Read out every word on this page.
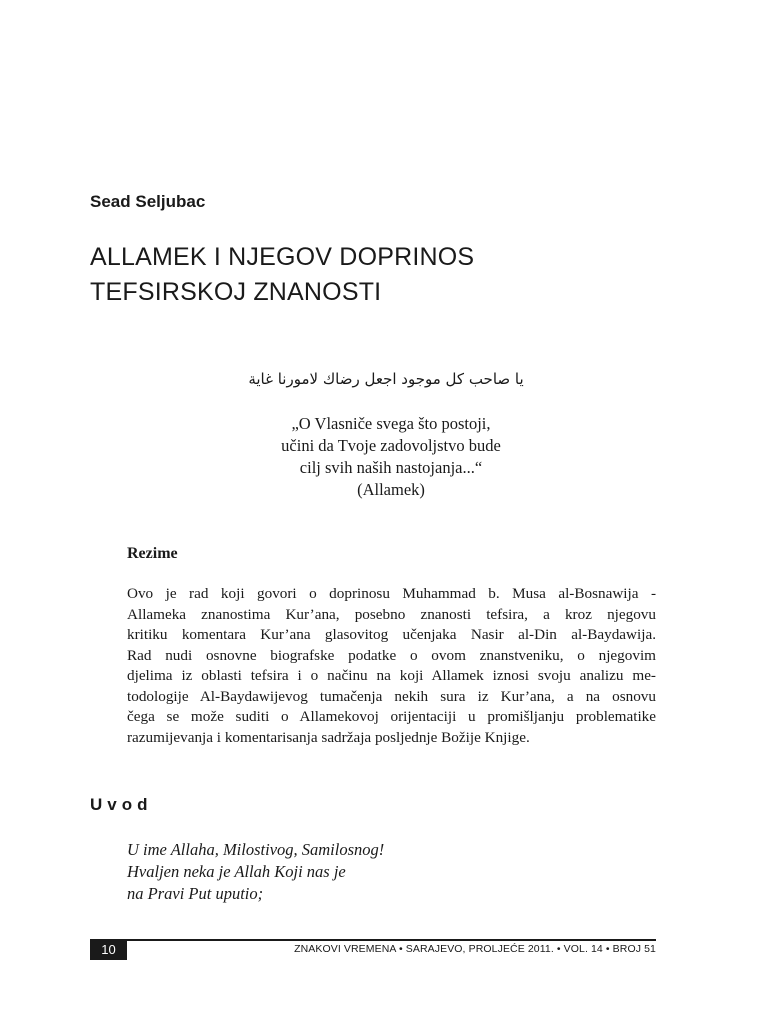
Sead Seljubac
ALLAMEK I NJEGOV DOPRINOS
TEFSIRSKOJ ZNANOSTI
يا صاحب كل موجود اجعل رضاك لامورنا غاية
„O Vlasniče svega što postoji,
učini da Tvoje zadovoljstvo bude
cilj svih naših nastojanja...“
(Allamek)
Rezime
Ovo je rad koji govori o doprinosu Muhammad b. Musa al-Bosnawija -
Allameka znanostima Kur’ana, posebno znanosti tefsira, a kroz njegovu
kritiku komentara Kur’ana glasovitog učenjaka Nasir al-Din al-Baydawija.
Rad nudi osnovne biografske podatke o ovom znanstveniku, o njegovim
djelima iz oblasti tefsira i o načinu na koji Allamek iznosi svoju analizu me-
todologije Al-Baydawijevog tumačenja nekih sura iz Kur’ana, a na osnovu
čega se može suditi o Allamekovoj orijentaciji u promišljanju problematike
razumijevanja i komentarisanja sadržaja posljednje Božije Knjige.
Uvod
U ime Allaha, Milostivog, Samilosnog!
Hvaljen neka je Allah Koji nas je
na Pravi Put uputio;
10	ZNAKOVI VREMENA • SARAJEVO, PROLJEĆE 2011. • VOL. 14 • BROJ 51
